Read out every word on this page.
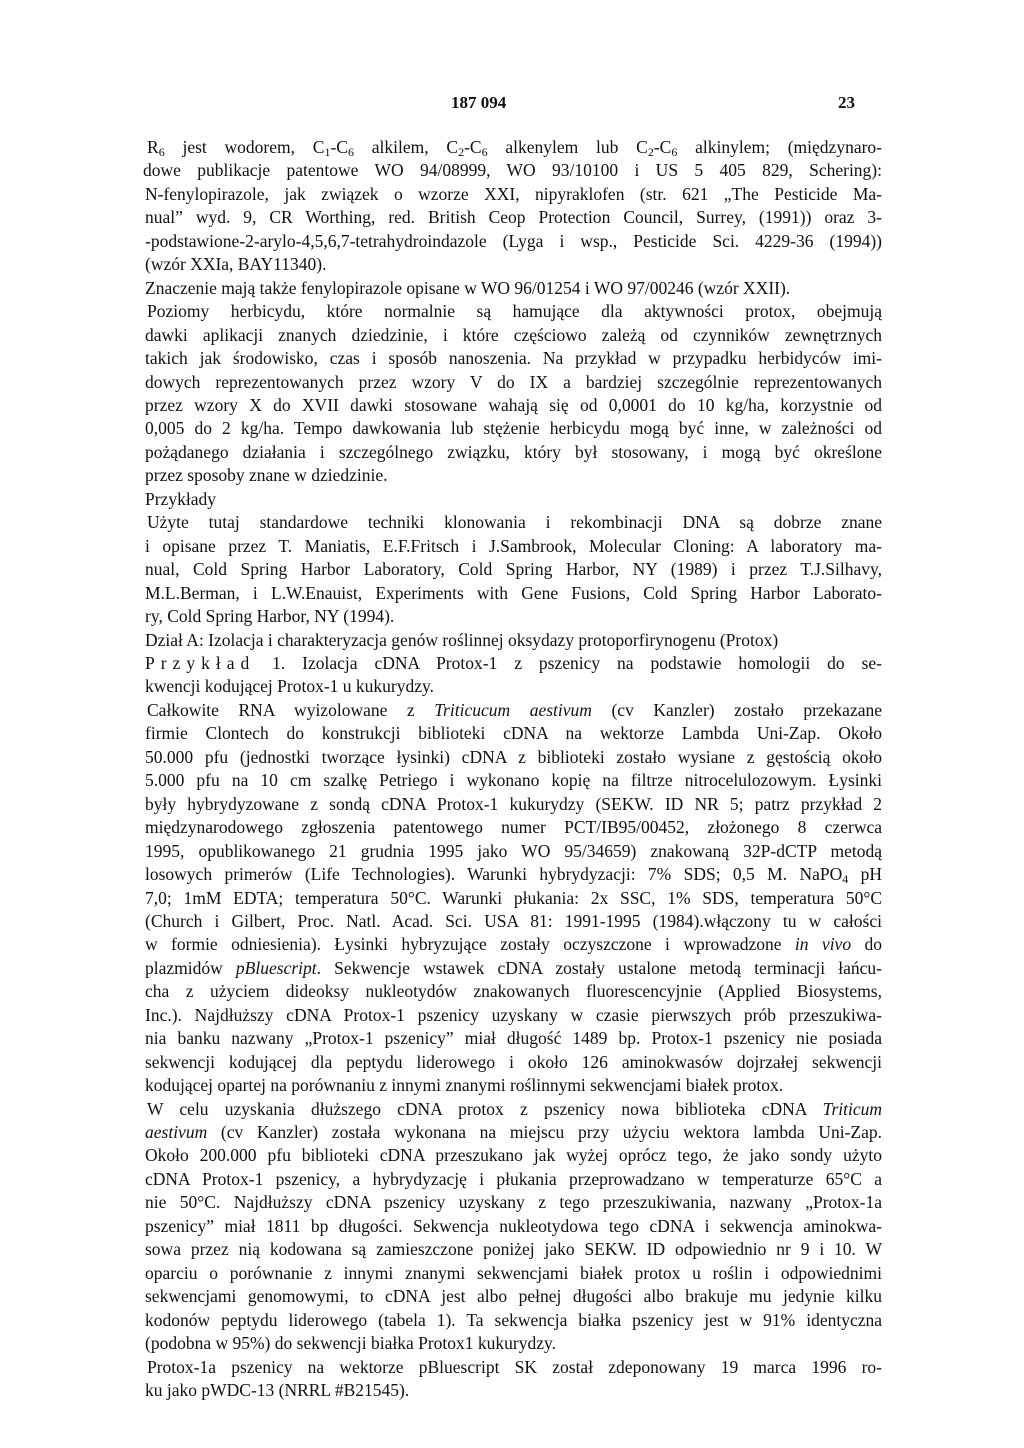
187 094	23

$R_6$ jest wodorem, $C_1-C_6$ alkilem, $C_2-C_6$ alkenylem lub $C_2-C_6$ alkinylem; (międzynaro-
dowe publikacje patentowe WO 94/08999, WO 93/10100 i US 5 405 829, Schering):
N-fenylopirazole, jak związek o wzorze XXI, nipyraklofen (str. 621 „The Pesticide Ma-
nual” wyd. 9, CR Worthing, red. British Ceop Protection Council, Surrey, (1991)) oraz 3-
-podstawione-2-arylo-4,5,6,7-tetrahydroindazole (Lyga i wsp., Pesticide Sci. 4229-36 (1994))
(wzór XXIa, BAY11340).

Znaczenie mają także fenylopirazole opisane w WO 96/01254 i WO 97/00246 (wzór XXII).

Poziomy herbicydu, które normalnie są hamujące dla aktywności protox, obejmują
dawki aplikacji znanych dziedzinie, i które częściowo zależą od czynników zewnętrznych
takich jak środowisko, czas i sposób nanoszenia. Na przykład w przypadku herbidyców imi-
dowych reprezentowanych przez wzory V do IX a bardziej szczególnie reprezentowanych
przez wzory X do XVII dawki stosowane wahają się od 0,0001 do 10 kg/ha, korzystnie od
0,005 do 2 kg/ha. Tempo dawkowania lub stężenie herbicydu mogą być inne, w zależności od
pożądanego działania i szczególnego związku, który był stosowany, i mogą być określone
przez sposoby znane w dziedzinie.

Przykłady

Użyte tutaj standardowe techniki klonowania i rekombinacji DNA są dobrze znane
i opisane przez T. Maniatis, E.F.Fritsch i J.Sambrook, Molecular Cloning: A laboratory ma-
nual, Cold Spring Harbor Laboratory, Cold Spring Harbor, NY (1989) i przez T.J.Silhavy,
M.L.Berman, i L.W.Enauist, Experiments with Gene Fusions, Cold Spring Harbor Laborato-
ry, Cold Spring Harbor, NY (1994).

Dział A: Izolacja i charakteryzacja genów roślinnej oksydazy protoporfirynogenu (Protox)

Przykład 1. Izolacja cDNA Protox-1 z pszenicy na podstawie homologii do se-
kwencji kodującej Protox-1 u kukurydzy.

Całkowite RNA wyizolowane z Triticucum aestivum (cv Kanzler) zostało przekazane
firmie Clontech do konstrukcji biblioteki cDNA na wektorze Lambda Uni-Zap. Około
50.000 pfu (jednostki tworzące łysinki) cDNA z biblioteki zostało wysiane z gęstością około
5.000 pfu na 10 cm szalkę Petriego i wykonano kopię na filtrze nitrocelulozowym. Łysinki
były hybrydyzowane z sondą cDNA Protox-1 kukurydzy (SEKW. ID NR 5; patrz przykład 2
międzynarodowego zgłoszenia patentowego numer PCT/IB95/00452, złożonego 8 czerwca
1995, opublikowanego 21 grudnia 1995 jako WO 95/34659) znakowaną 32P-dCTP metodą
losowych primerów (Life Technologies). Warunki hybrydyzacji: 7% SDS; 0,5 M. NaPO$_4$ pH
7,0; 1mM EDTA; temperatura 50°C. Warunki płukania: 2x SSC, 1% SDS, temperatura 50°C
(Church i Gilbert, Proc. Natl. Acad. Sci. USA 81: 1991-1995 (1984).włączony tu w całości
w formie odniesienia). Łysinki hybryzujące zostały oczyszczone i wprowadzone in vivo do
plazmidów pBluescript. Sekwencje wstawek cDNA zostały ustalone metodą terminacji łańcu-
cha z użyciem dideoksy nukleotydów znakowanych fluorescencyjnie (Applied Biosystems,
Inc.). Najdłuższy cDNA Protox-1 pszenicy uzyskany w czasie pierwszych prób przeszukiwa-
nia banku nazwany „Protox-1 pszenicy” miał długość 1489 bp. Protox-1 pszenicy nie posiada
sekwencji kodującej dla peptydu liderowego i około 126 aminokwasów dojrzałej sekwencji
kodującej opartej na porównaniu z innymi znanymi roślinnymi sekwencjami białek protox.

W celu uzyskania dłuższego cDNA protox z pszenicy nowa biblioteka cDNA Triticum
aestivum (cv Kanzler) została wykonana na miejscu przy użyciu wektora lambda Uni-Zap.
Około 200.000 pfu biblioteki cDNA przeszukano jak wyżej oprócz tego, że jako sondy użyto
cDNA Protox-1 pszenicy, a hybrydyzację i płukania przeprowadzano w temperaturze 65°C a
nie 50°C. Najdłuższy cDNA pszenicy uzyskany z tego przeszukiwania, nazwany „Protox-1a
pszenicy” miał 1811 bp długości. Sekwencja nukleotydowa tego cDNA i sekwencja aminokwa-
sowa przez nią kodowana są zamieszczone poniżej jako SEKW. ID odpowiednio nr 9 i 10. W
oparciu o porównanie z innymi znanymi sekwencjami białek protox u roślin i odpowiednimi
sekwencjami genomowymi, to cDNA jest albo pełnej długości albo brakuje mu jedynie kilku
kodonów peptydu liderowego (tabela 1). Ta sekwencja białka pszenicy jest w 91% identyczna
(podobna w 95%) do sekwencji białka Protox1 kukurydzy.

Protox-1a pszenicy na wektorze pBluescript SK został zdeponowany 19 marca 1996 ro-
ku jako pWDC-13 (NRRL #B21545).
